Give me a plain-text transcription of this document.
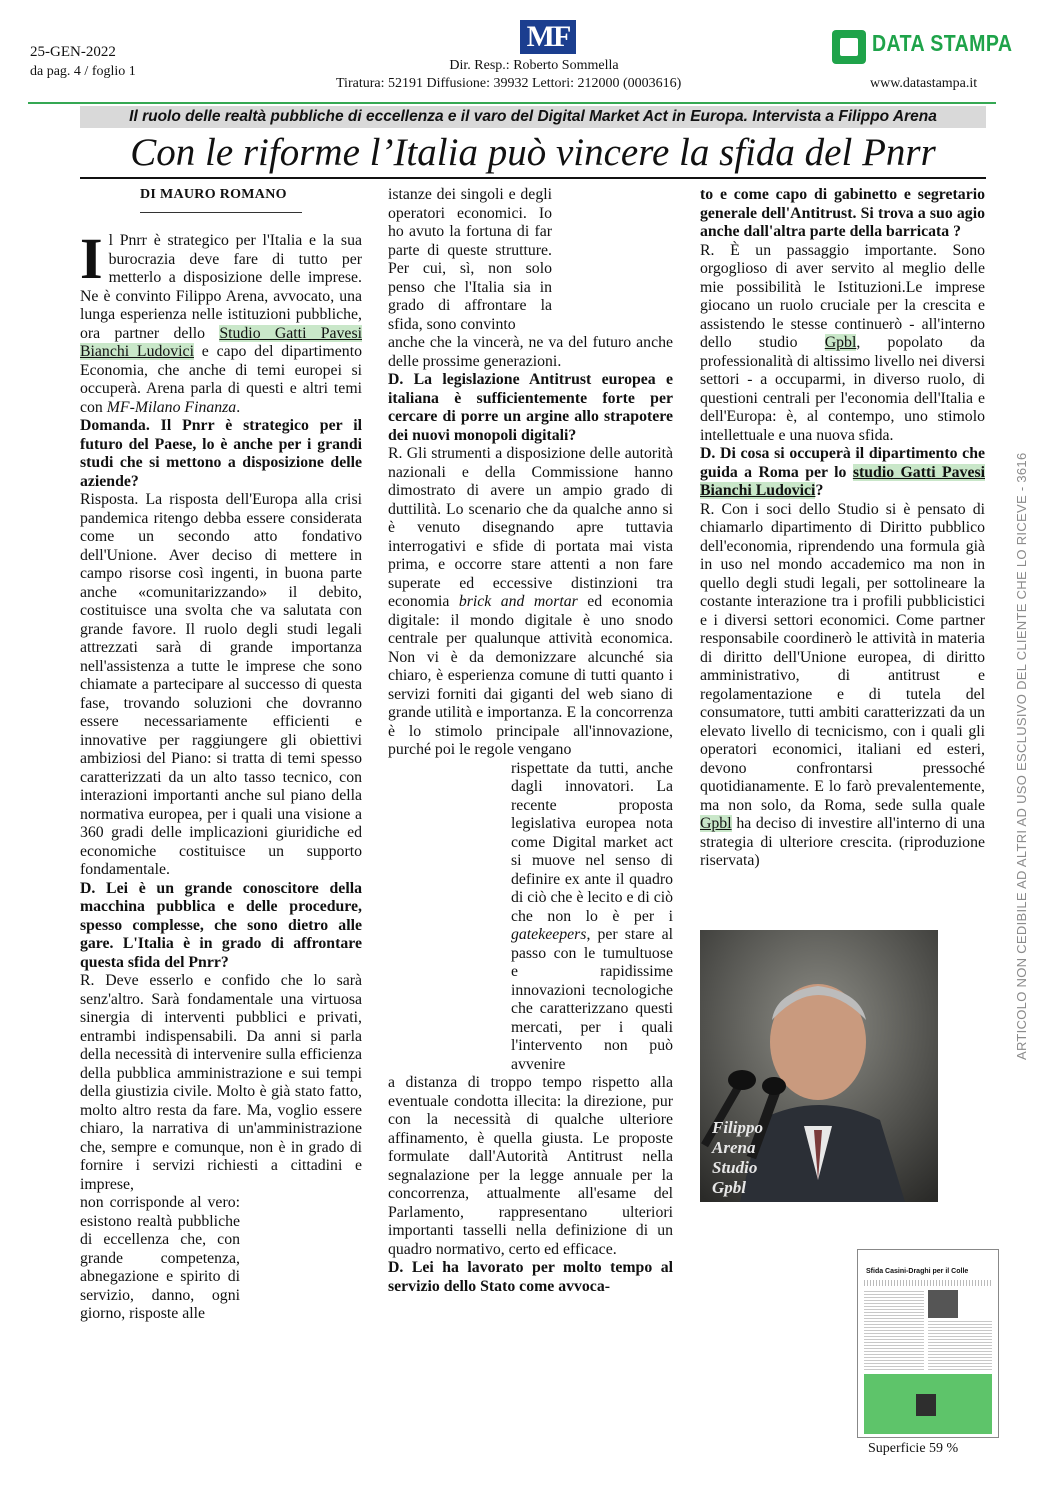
25-GEN-2022
da pag. 4 / foglio 1
MF
Dir. Resp.: Roberto Sommella
Tiratura: 52191 Diffusione: 39932 Lettori: 212000 (0003616)
DATA STAMPA
www.datastampa.it
Il ruolo delle realtà pubbliche di eccellenza e il varo del Digital Market Act in Europa. Intervista a Filippo Arena
Con le riforme l’Italia può vincere la sfida del Pnrr
DI MAURO ROMANO

I l Pnrr è strategico per l'Italia e la sua burocrazia deve fare di tutto per metterlo a disposizione delle imprese. Ne è convinto Filippo Arena, avvocato, una lunga esperienza nelle istituzioni pubbliche, ora partner dello Studio Gatti Pavesi Bianchi Ludovici e capo del dipartimento Economia, che anche di temi europei si occuperà. Arena parla di questi e altri temi con MF-Milano Finanza.

Domanda. Il Pnrr è strategico per il futuro del Paese, lo è anche per i grandi studi che si mettono a disposizione delle aziende?

Risposta. La risposta dell'Europa alla crisi pandemica ritengo debba essere considerata come un secondo atto fondativo dell'Unione. Aver deciso di mettere in campo risorse così ingenti, in buona parte anche «comunitarizzando» il debito, costituisce una svolta che va salutata con grande favore. Il ruolo degli studi legali attrezzati sarà di grande importanza nell'assistenza a tutte le imprese che sono chiamate a partecipare al successo di questa fase, trovando soluzioni che dovranno essere necessariamente efficienti e innovative per raggiungere gli obiettivi ambiziosi del Piano: si tratta di temi spesso caratterizzati da un alto tasso tecnico, con interazioni importanti anche sul piano della normativa europea, per i quali una visione a 360 gradi delle implicazioni giuridiche ed economiche costituisce un supporto fondamentale.

D. Lei è un grande conoscitore della macchina pubblica e delle procedure, spesso complesse, che sono dietro alle gare. L'Italia è in grado di affrontare questa sfida del Pnrr?

R. Deve esserlo e confido che lo sarà senz'altro. Sarà fondamentale una virtuosa sinergia di interventi pubblici e privati, entrambi indispensabili. Da anni si parla della necessità di intervenire sulla efficienza della pubblica amministrazione e sui tempi della giustizia civile. Molto è già stato fatto, molto altro resta da fare. Ma, voglio essere chiaro, la narrativa di un'amministrazione che, sempre e comunque, non è in grado di fornire i servizi richiesti a cittadini e imprese,

non corrisponde al vero: esistono realtà pubbliche di eccellenza che, con grande competenza, abnegazione e spirito di servizio, danno, ogni giorno, risposte alle

istanze dei singoli e degli operatori economici. Io ho avuto la fortuna di far parte di queste strutture. Per cui, sì, non solo penso che l'Italia sia in grado di affrontare la sfida, sono convinto

anche che la vincerà, ne va del futuro anche delle prossime generazioni.

D. La legislazione Antitrust europea e italiana è sufficientemente forte per cercare di porre un argine allo strapotere dei nuovi monopoli digitali?

R. Gli strumenti a disposizione delle autorità nazionali e della Commissione hanno dimostrato di avere un ampio grado di duttilità. Lo scenario che da qualche anno si è venuto disegnando apre tuttavia interrogativi e sfide di portata mai vista prima, e occorre stare attenti a non fare superate ed eccessive distinzioni tra economia brick and mortar ed economia digitale: il mondo digitale è uno snodo centrale per qualunque attività economica. Non vi è da demonizzare alcunché sia chiaro, è esperienza comune di tutti quanto i servizi forniti dai giganti del web siano di grande utilità e importanza. E la concorrenza è lo stimolo principale all'innovazione, purché poi le regole vengano

rispettate da tutti, anche dagli innovatori. La recente proposta legislativa europea nota come Digital market act si muove nel senso di definire ex ante il quadro di ciò che è lecito e di ciò che non lo è per i gatekeepers, per stare al passo con le tumultuose e rapidissime innovazioni tecnologiche che caratterizzano questi mercati, per i quali l'intervento non può avvenire

a distanza di troppo tempo rispetto alla eventuale condotta illecita: la direzione, pur con la necessità di qualche ulteriore affinamento, è quella giusta. Le proposte formulate dall'Autorità Antitrust nella segnalazione per la legge annuale per la concorrenza, attualmente all'esame del Parlamento, rappresentano ulteriori importanti tasselli nella definizione di un quadro normativo, certo ed efficace.

D. Lei ha lavorato per molto tempo al servizio dello Stato come avvoca-

to e come capo di gabinetto e segretario generale dell'Antitrust. Si trova a suo agio anche dall'altra parte della barricata ?

R. È un passaggio importante. Sono orgoglioso di aver servito al meglio delle mie possibilità le Istituzioni.Le imprese giocano un ruolo cruciale per la crescita e assistendo le stesse continuerò - all'interno dello studio Gpbl, popolato da professionalità di altissimo livello nei diversi settori - a occuparmi, in diverso ruolo, di questioni centrali per l'economia dell'Italia e dell'Europa: è, al contempo, uno stimolo intellettuale e una nuova sfida.

D. Di cosa si occuperà il dipartimento che guida a Roma per lo studio Gatti Pavesi Bianchi Ludovici?

R. Con i soci dello Studio si è pensato di chiamarlo dipartimento di Diritto pubblico dell'economia, riprendendo una formula già in uso nel mondo accademico ma non in quello degli studi legali, per sottolineare la costante interazione tra i profili pubblicistici e i diversi settori economici. Come partner responsabile coordinerò le attività in materia di diritto dell'Unione europea, di diritto amministrativo, di antitrust e regolamentazione e di tutela del consumatore, tutti ambiti caratterizzati da un elevato livello di tecnicismo, con i quali gli operatori economici, italiani ed esteri, devono confrontarsi pressoché quotidianamente. E lo farò prevalentemente, ma non solo, da Roma, sede sulla quale Gpbl ha deciso di investire all'interno di una strategia di ulteriore crescita. (riproduzione riservata)

Filippo
Arena
Studio
Gpbl
Sfida Casini-Draghi per il Colle
Superficie 59 %
ARTICOLO NON CEDIBILE AD ALTRI AD USO ESCLUSIVO DEL CLIENTE CHE LO RICEVE - 3616
